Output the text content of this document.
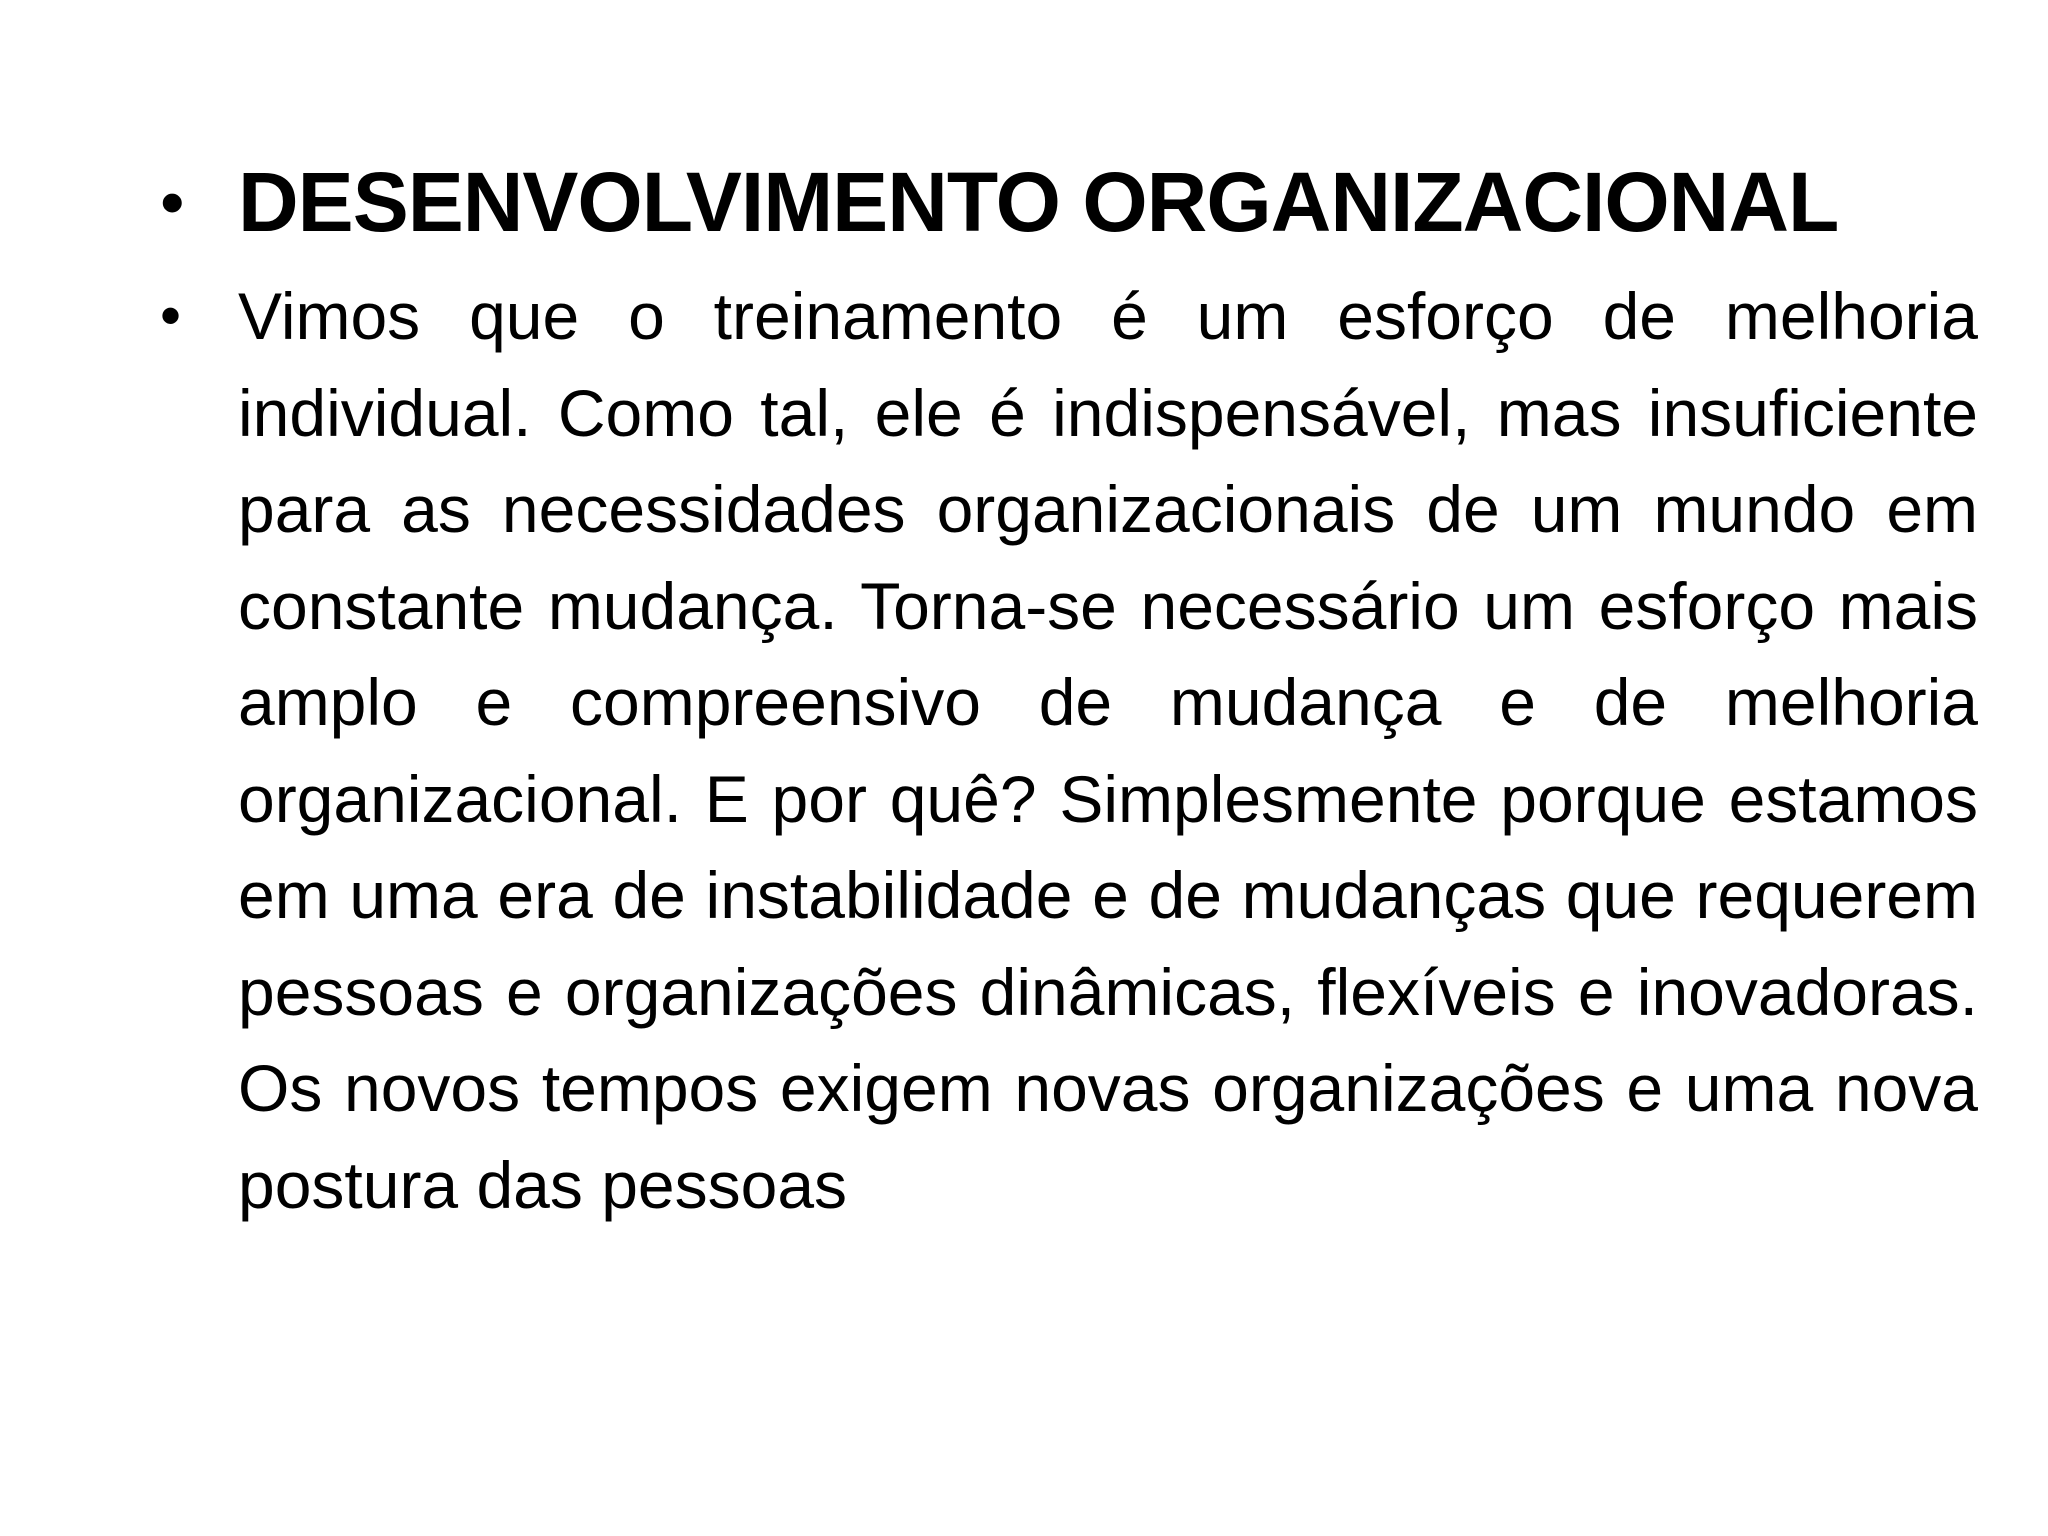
• DESENVOLVIMENTO ORGANIZACIONAL
• Vimos que o treinamento é um esforço de melhoria individual. Como tal, ele é indispensável, mas insuficiente para as necessidades organizacionais de um mundo em constante mudança. Torna-se necessário um esforço mais amplo e compreensivo de mudança e de melhoria organizacional. E por quê? Simplesmente porque estamos em uma era de instabilidade e de mudanças que requerem pessoas e organizações dinâmicas, flexíveis e inovadoras. Os novos tempos exigem novas organizações e uma nova postura das pessoas
